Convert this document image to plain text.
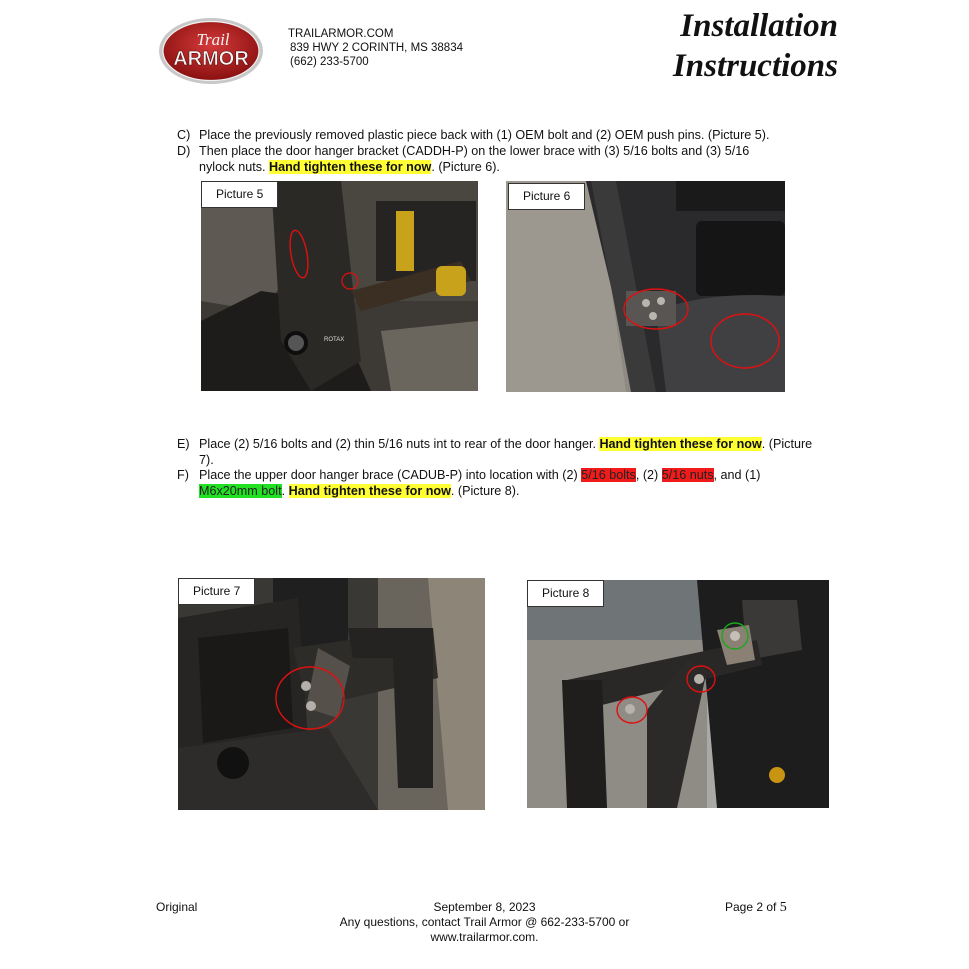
Trail
ARMOR
TRAILARMOR.COM
839 HWY 2 CORINTH, MS 38834
(662) 233-5700
Installation
Instructions
C) Place the previously removed plastic piece back with (1) OEM bolt and (2) OEM push pins. (Picture 5).
D) Then place the door hanger bracket (CADDH-P) on the lower brace with (3) 5/16 bolts and (3) 5/16 nylock nuts. Hand tighten these for now. (Picture 6).
ROTAX
Picture 5	Picture 6
E) Place (2) 5/16 bolts and (2) thin 5/16 nuts int to rear of the door hanger. Hand tighten these for now. (Picture 7).
F) Place the upper door hanger brace (CADUB-P) into location with (2) 5/16 bolts, (2) 5/16 nuts, and (1) M6x20mm bolt. Hand tighten these for now. (Picture 8).
Picture 7	Picture 8
Original	September 8, 2023
Any questions, contact Trail Armor @ 662-233-5700 or
www.trailarmor.com.
Page 2 of 5
